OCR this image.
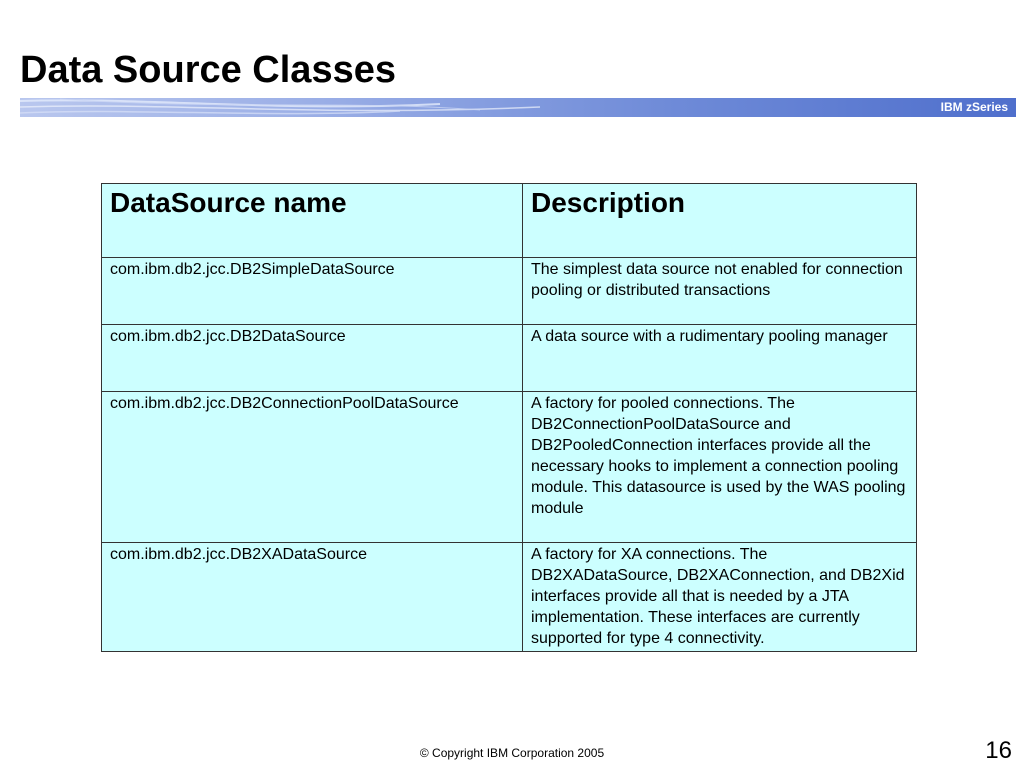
Data Source Classes
IBM zSeries
DataSource name	Description
com.ibm.db2.jcc.DB2SimpleDataSource	The simplest data source not enabled for connection pooling or distributed transactions
com.ibm.db2.jcc.DB2DataSource	A data source with a rudimentary pooling manager
com.ibm.db2.jcc.DB2ConnectionPoolDataSource	A factory for pooled connections. The DB2ConnectionPoolDataSource and DB2PooledConnection interfaces provide all the necessary hooks to implement a connection pooling module. This datasource is used by the WAS pooling module
com.ibm.db2.jcc.DB2XADataSource	A factory for XA connections. The DB2XADataSource, DB2XAConnection, and DB2Xid interfaces provide all that is needed by a JTA implementation. These interfaces are currently supported for type 4 connectivity.
© Copyright IBM Corporation 2005	16
